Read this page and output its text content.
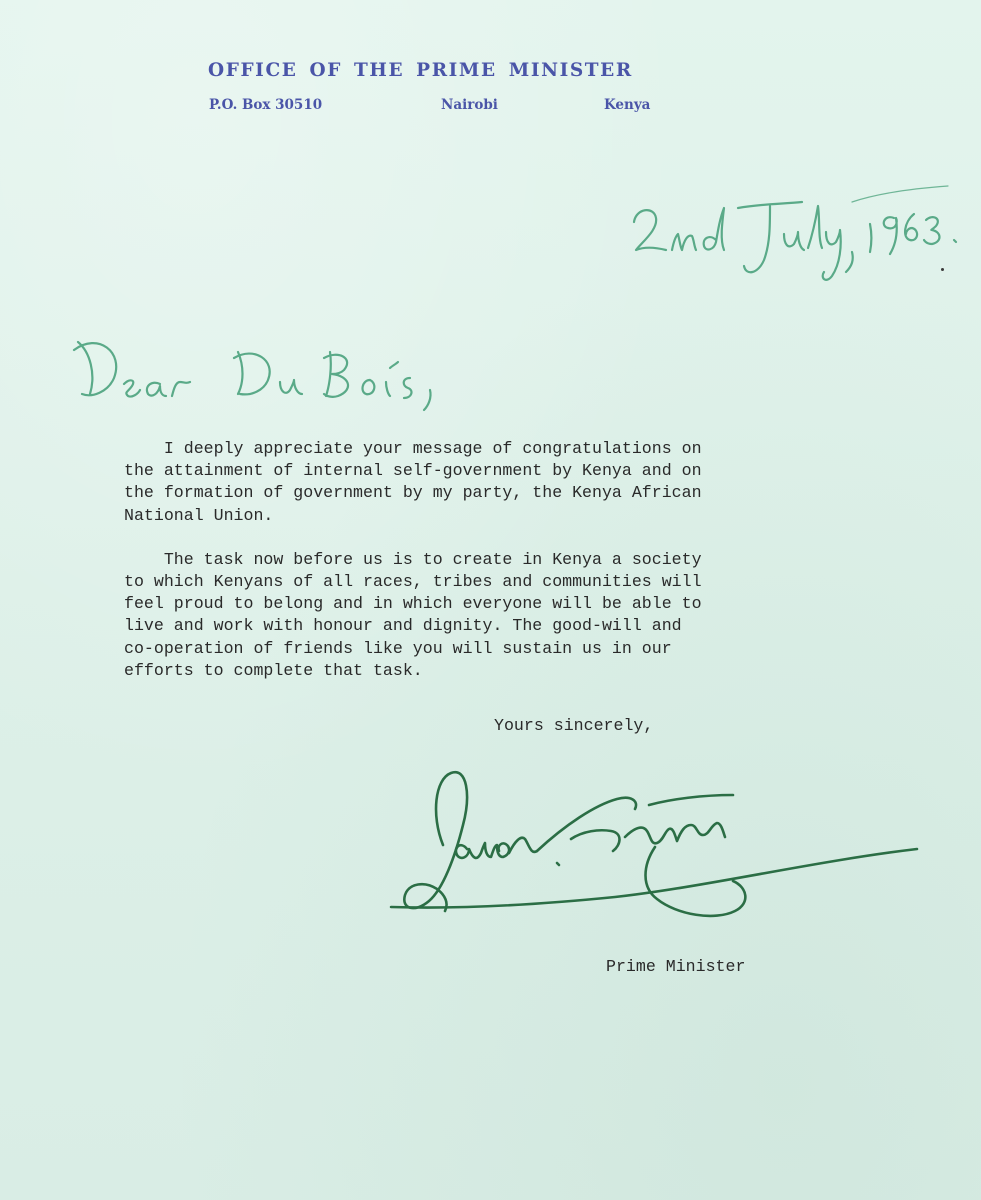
OFFICE OF THE PRIME MINISTER
P.O. Box 30510	Nairobi	Kenya

I deeply appreciate your message of congratulations on
the attainment of internal self-government by Kenya and on
the formation of government by my party, the Kenya African
National Union.

The task now before us is to create in Kenya a society
to which Kenyans of all races, tribes and communities will
feel proud to belong and in which everyone will be able to
live and work with honour and dignity. The good-will and
co-operation of friends like you will sustain us in our
efforts to complete that task.

Yours sincerely,
Prime Minister
